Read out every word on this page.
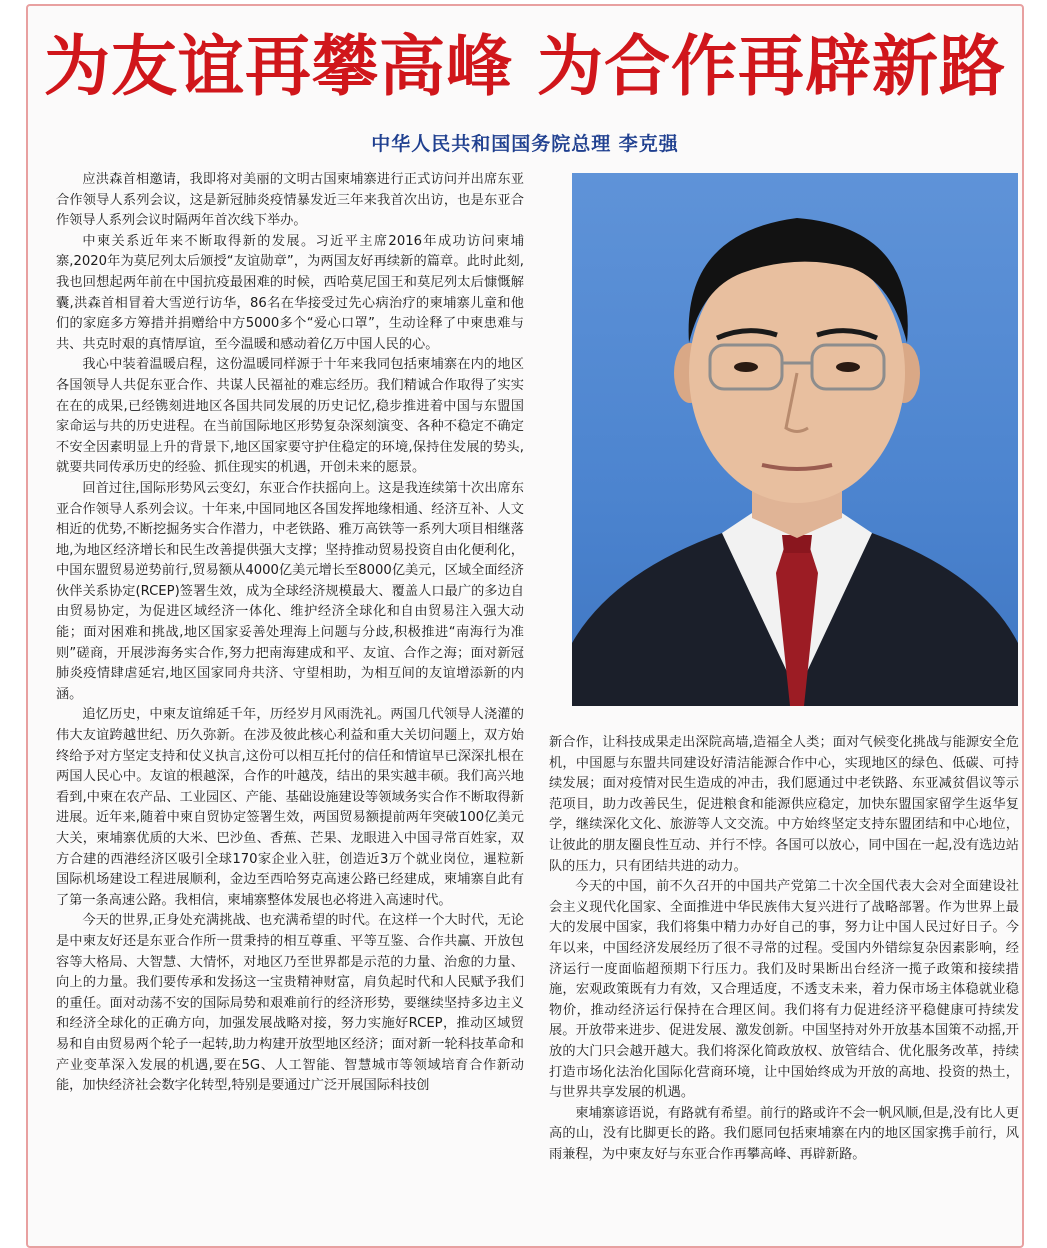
为友谊再攀高峰 为合作再辟新路
中华人民共和国国务院总理 李克强

应洪森首相邀请，我即将对美丽的文明古国柬埔寨进行正式访问并出席东亚合作领导人系列会议，这是新冠肺炎疫情暴发近三年来我首次出访，也是东亚合作领导人系列会议时隔两年首次线下举办。

中柬关系近年来不断取得新的发展。习近平主席2016年成功访问柬埔寨,2020年为莫尼列太后颁授“友谊勋章”，为两国友好再续新的篇章。此时此刻,我也回想起两年前在中国抗疫最困难的时候，西哈莫尼国王和莫尼列太后慷慨解囊,洪森首相冒着大雪逆行访华，86名在华接受过先心病治疗的柬埔寨儿童和他们的家庭多方筹措并捐赠给中方5000多个“爱心口罩”，生动诠释了中柬患难与共、共克时艰的真情厚谊，至今温暖和感动着亿万中国人民的心。

我心中装着温暖启程，这份温暖同样源于十年来我同包括柬埔寨在内的地区各国领导人共促东亚合作、共谋人民福祉的难忘经历。我们精诚合作取得了实实在在的成果,已经镌刻进地区各国共同发展的历史记忆,稳步推进着中国与东盟国家命运与共的历史进程。在当前国际地区形势复杂深刻演变、各种不稳定不确定不安全因素明显上升的背景下,地区国家要守护住稳定的环境,保持住发展的势头,就要共同传承历史的经验、抓住现实的机遇，开创未来的愿景。

回首过往,国际形势风云变幻，东亚合作扶摇向上。这是我连续第十次出席东亚合作领导人系列会议。十年来,中国同地区各国发挥地缘相通、经济互补、人文相近的优势,不断挖掘务实合作潜力，中老铁路、雅万高铁等一系列大项目相继落地,为地区经济增长和民生改善提供强大支撑；坚持推动贸易投资自由化便利化，中国东盟贸易逆势前行,贸易额从4000亿美元增长至8000亿美元，区域全面经济伙伴关系协定(RCEP)签署生效，成为全球经济规模最大、覆盖人口最广的多边自由贸易协定，为促进区域经济一体化、维护经济全球化和自由贸易注入强大动能；面对困难和挑战,地区国家妥善处理海上问题与分歧,积极推进“南海行为准则”磋商，开展涉海务实合作,努力把南海建成和平、友谊、合作之海；面对新冠肺炎疫情肆虐延宕,地区国家同舟共济、守望相助，为相互间的友谊增添新的内涵。

追忆历史，中柬友谊绵延千年，历经岁月风雨洗礼。两国几代领导人浇灌的伟大友谊跨越世纪、历久弥新。在涉及彼此核心利益和重大关切问题上，双方始终给予对方坚定支持和仗义执言,这份可以相互托付的信任和情谊早已深深扎根在两国人民心中。友谊的根越深，合作的叶越茂，结出的果实越丰硕。我们高兴地看到,中柬在农产品、工业园区、产能、基础设施建设等领域务实合作不断取得新进展。近年来,随着中柬自贸协定签署生效，两国贸易额提前两年突破100亿美元大关，柬埔寨优质的大米、巴沙鱼、香蕉、芒果、龙眼进入中国寻常百姓家，双方合建的西港经济区吸引全球170家企业入驻，创造近3万个就业岗位，暹粒新国际机场建设工程进展顺利，金边至西哈努克高速公路已经建成，柬埔寨自此有了第一条高速公路。我相信，柬埔寨整体发展也必将进入高速时代。

今天的世界,正身处充满挑战、也充满希望的时代。在这样一个大时代，无论是中柬友好还是东亚合作所一贯秉持的相互尊重、平等互鉴、合作共赢、开放包容等大格局、大智慧、大情怀，对地区乃至世界都是示范的力量、治愈的力量、向上的力量。我们要传承和发扬这一宝贵精神财富，肩负起时代和人民赋予我们的重任。面对动荡不安的国际局势和艰难前行的经济形势，要继续坚持多边主义和经济全球化的正确方向，加强发展战略对接，努力实施好RCEP，推动区域贸易和自由贸易两个轮子一起转,助力构建开放型地区经济；面对新一轮科技革命和产业变革深入发展的机遇,要在5G、人工智能、智慧城市等领域培育合作新动能，加快经济社会数字化转型,特别是要通过广泛开展国际科技创

新合作，让科技成果走出深院高墙,造福全人类；面对气候变化挑战与能源安全危机，中国愿与东盟共同建设好清洁能源合作中心，实现地区的绿色、低碳、可持续发展；面对疫情对民生造成的冲击，我们愿通过中老铁路、东亚减贫倡议等示范项目，助力改善民生，促进粮食和能源供应稳定，加快东盟国家留学生返华复学，继续深化文化、旅游等人文交流。中方始终坚定支持东盟团结和中心地位，让彼此的朋友圈良性互动、并行不悖。各国可以放心，同中国在一起,没有选边站队的压力，只有团结共进的动力。

今天的中国，前不久召开的中国共产党第二十次全国代表大会对全面建设社会主义现代化国家、全面推进中华民族伟大复兴进行了战略部署。作为世界上最大的发展中国家，我们将集中精力办好自己的事，努力让中国人民过好日子。今年以来，中国经济发展经历了很不寻常的过程。受国内外错综复杂因素影响，经济运行一度面临超预期下行压力。我们及时果断出台经济一揽子政策和接续措施，宏观政策既有力有效，又合理适度，不透支未来，着力保市场主体稳就业稳物价，推动经济运行保持在合理区间。我们将有力促进经济平稳健康可持续发展。开放带来进步、促进发展、激发创新。中国坚持对外开放基本国策不动摇,开放的大门只会越开越大。我们将深化简政放权、放管结合、优化服务改革，持续打造市场化法治化国际化营商环境，让中国始终成为开放的高地、投资的热土，与世界共享发展的机遇。

柬埔寨谚语说，有路就有希望。前行的路或许不会一帆风顺,但是,没有比人更高的山，没有比脚更长的路。我们愿同包括柬埔寨在内的地区国家携手前行，风雨兼程，为中柬友好与东亚合作再攀高峰、再辟新路。
